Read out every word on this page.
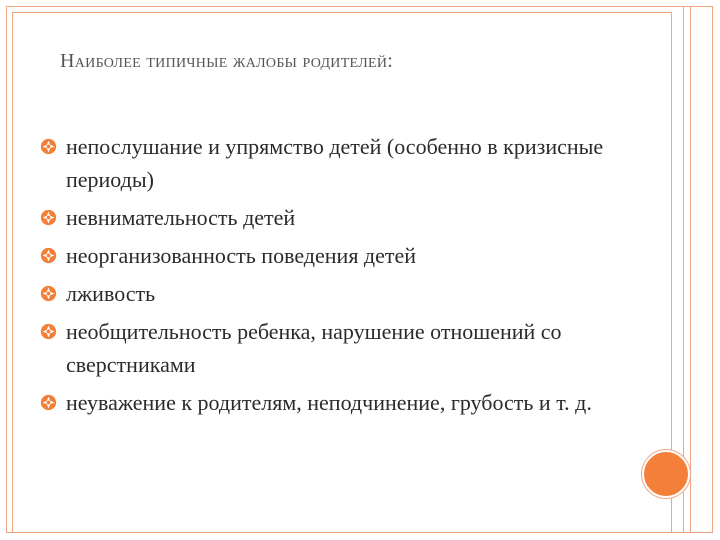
Наиболее типичные жалобы родителей:
непослушание и упрямство детей (особенно в кризисные периоды)
невнимательность детей
неорганизованность поведения детей
лживость
необщительность ребенка, нарушение отношений со сверстниками
неуважение к родителям, неподчинение, грубость и т. д.
